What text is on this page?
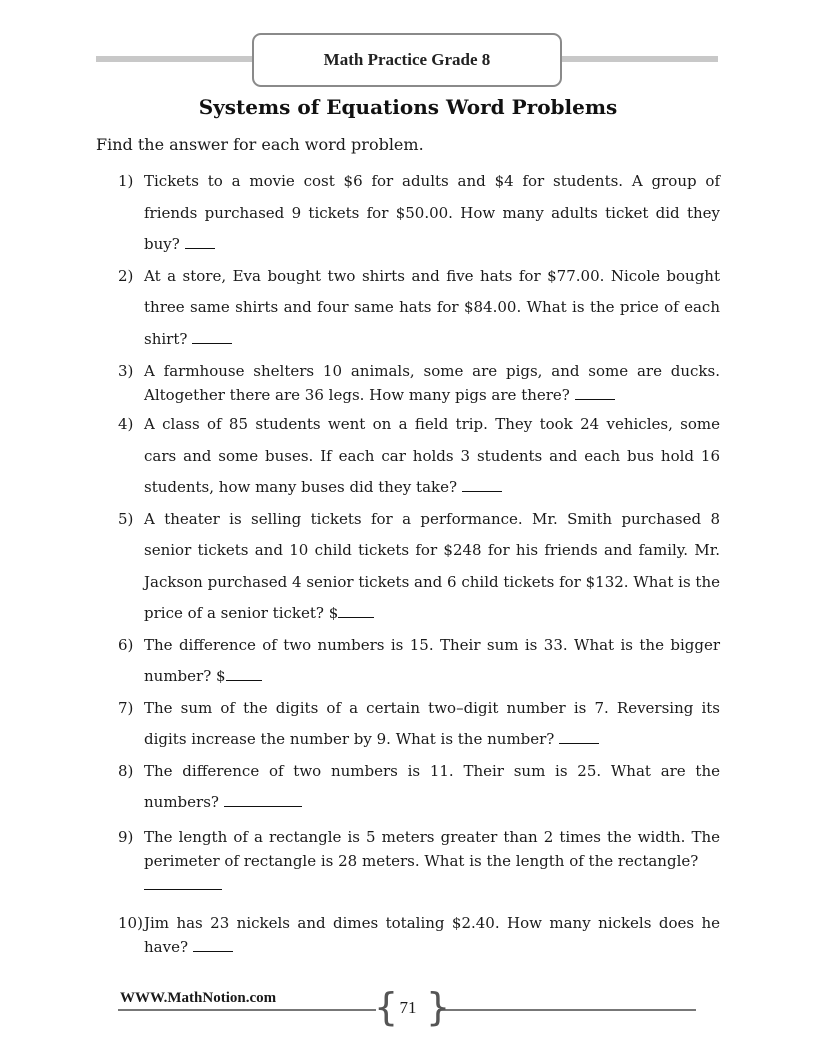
Math Practice Grade 8
Systems of Equations Word Problems
Find the answer for each word problem.
1) Tickets to a movie cost $6 for adults and $4 for students. A group of friends purchased 9 tickets for $50.00. How many adults ticket did they buy?
2) At a store, Eva bought two shirts and five hats for $77.00. Nicole bought three same shirts and four same hats for $84.00. What is the price of each shirt?
3) A farmhouse shelters 10 animals, some are pigs, and some are ducks. Altogether there are 36 legs. How many pigs are there?
4) A class of 85 students went on a field trip. They took 24 vehicles, some cars and some buses. If each car holds 3 students and each bus hold 16 students, how many buses did they take?
5) A theater is selling tickets for a performance. Mr. Smith purchased 8 senior tickets and 10 child tickets for $248 for his friends and family. Mr. Jackson purchased 4 senior tickets and 6 child tickets for $132. What is the price of a senior ticket? $
6) The difference of two numbers is 15. Their sum is 33. What is the bigger number? $
7) The sum of the digits of a certain two–digit number is 7. Reversing its digits increase the number by 9. What is the number?
8) The difference of two numbers is 11. Their sum is 25. What are the numbers?
9) The length of a rectangle is 5 meters greater than 2 times the width. The perimeter of rectangle is 28 meters. What is the length of the rectangle?

10) Jim has 23 nickels and dimes totaling $2.40. How many nickels does he have?
WWW.MathNotion.com	{ }
71
